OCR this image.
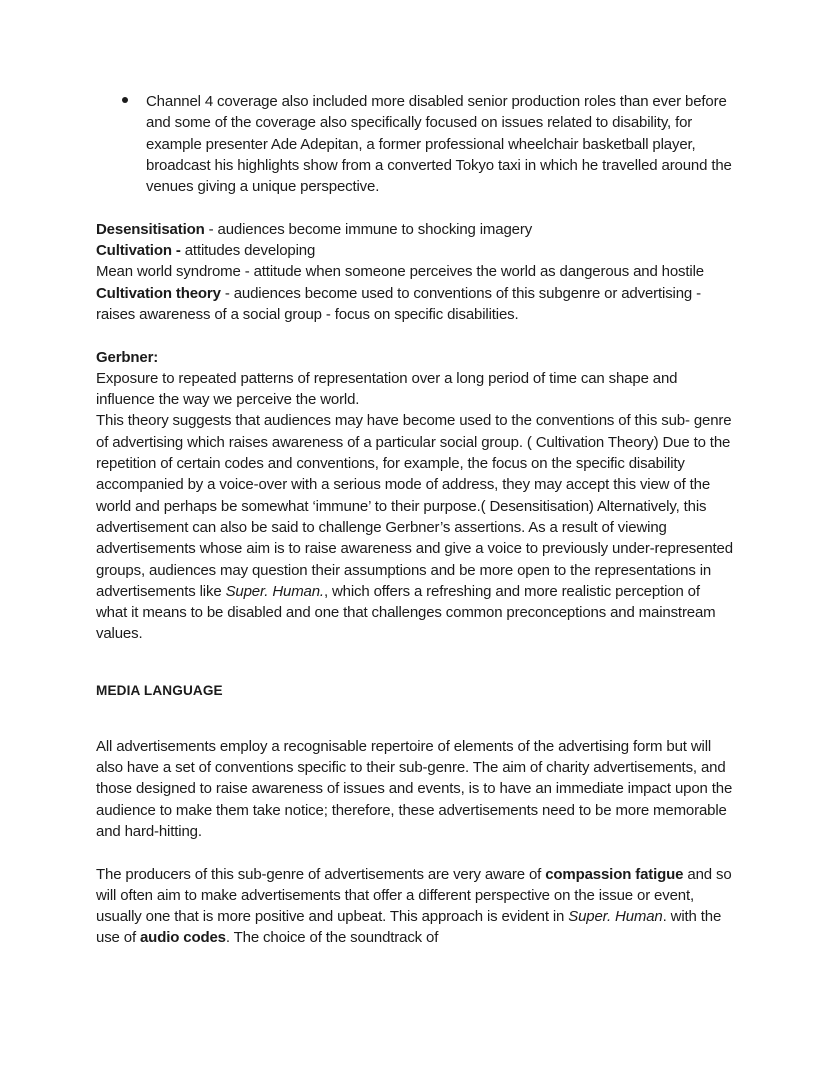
Channel 4 coverage also included more disabled senior production roles than ever before and some of the coverage also specifically focused on issues related to disability, for example presenter Ade Adepitan, a former professional wheelchair basketball player, broadcast his highlights show from a converted Tokyo taxi in which he travelled around the venues giving a unique perspective.

Desensitisation - audiences become immune to shocking imagery

Cultivation - attitudes developing

Mean world syndrome - attitude when someone perceives the world as dangerous and hostile

Cultivation theory - audiences become used to conventions of this subgenre or advertising - raises awareness of a social group - focus on specific disabilities.

Gerbner:

Exposure to repeated patterns of representation over a long period of time can shape and influence the way we perceive the world.

This theory suggests that audiences may have become used to the conventions of this sub- genre of advertising which raises awareness of a particular social group. ( Cultivation Theory) Due to the repetition of certain codes and conventions, for example, the focus on the specific disability accompanied by a voice-over with a serious mode of address, they may accept this view of the world and perhaps be somewhat ‘immune’ to their purpose.( Desensitisation) Alternatively, this advertisement can also be said to challenge Gerbner’s assertions. As a result of viewing advertisements whose aim is to raise awareness and give a voice to previously under-represented groups, audiences may question their assumptions and be more open to the representations in advertisements like Super. Human., which offers a refreshing and more realistic perception of what it means to be disabled and one that challenges common preconceptions and mainstream values.

MEDIA LANGUAGE

All advertisements employ a recognisable repertoire of elements of the advertising form but will also have a set of conventions specific to their sub-genre. The aim of charity advertisements, and those designed to raise awareness of issues and events, is to have an immediate impact upon the audience to make them take notice; therefore, these advertisements need to be more memorable and hard-hitting.

The producers of this sub-genre of advertisements are very aware of compassion fatigue and so will often aim to make advertisements that offer a different perspective on the issue or event, usually one that is more positive and upbeat. This approach is evident in Super. Human. with the use of audio codes. The choice of the soundtrack of
